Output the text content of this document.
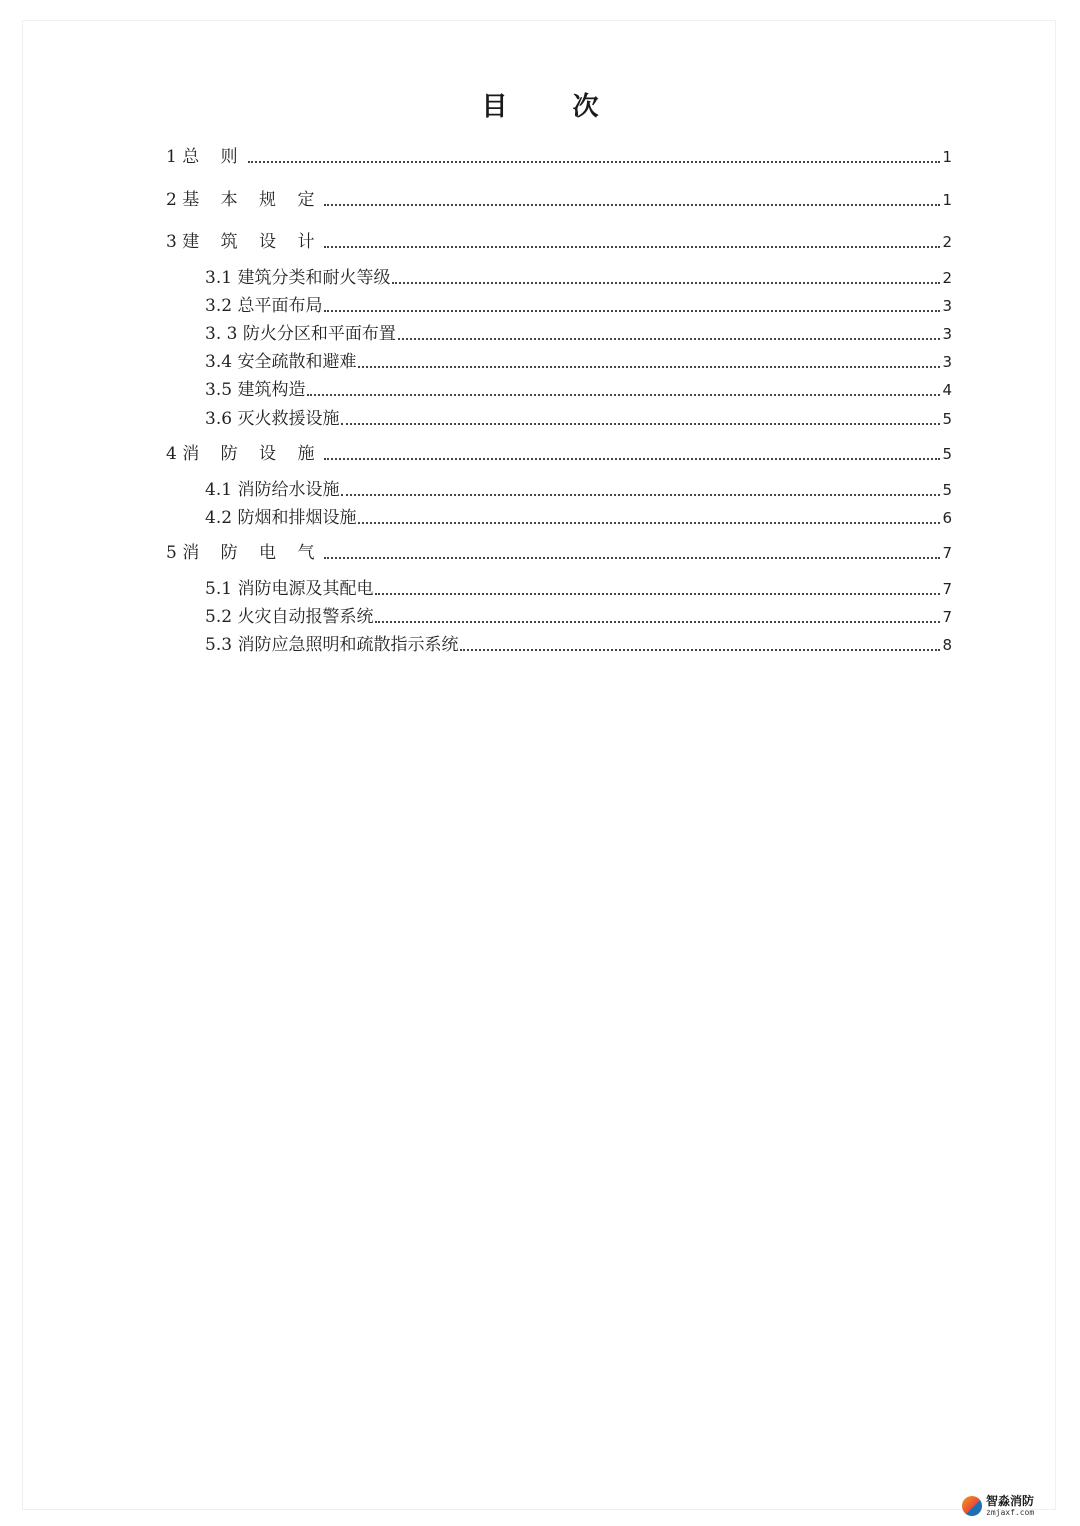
目 次
1 总 则	1
2 基 本 规 定	1
3 建 筑 设 计	2
3.1 建筑分类和耐火等级	2
3.2 总平面布局	3
3. 3 防火分区和平面布置	3
3.4 安全疏散和避难	3
3.5 建筑构造	4
3.6 灭火救援设施	5
4 消 防 设 施	5
4.1 消防给水设施	5
4.2 防烟和排烟设施	6
5 消 防 电 气	7
5.1 消防电源及其配电	7
5.2 火灾自动报警系统	7
5.3 消防应急照明和疏散指示系统	8
智淼消防
zmjaxf.com
